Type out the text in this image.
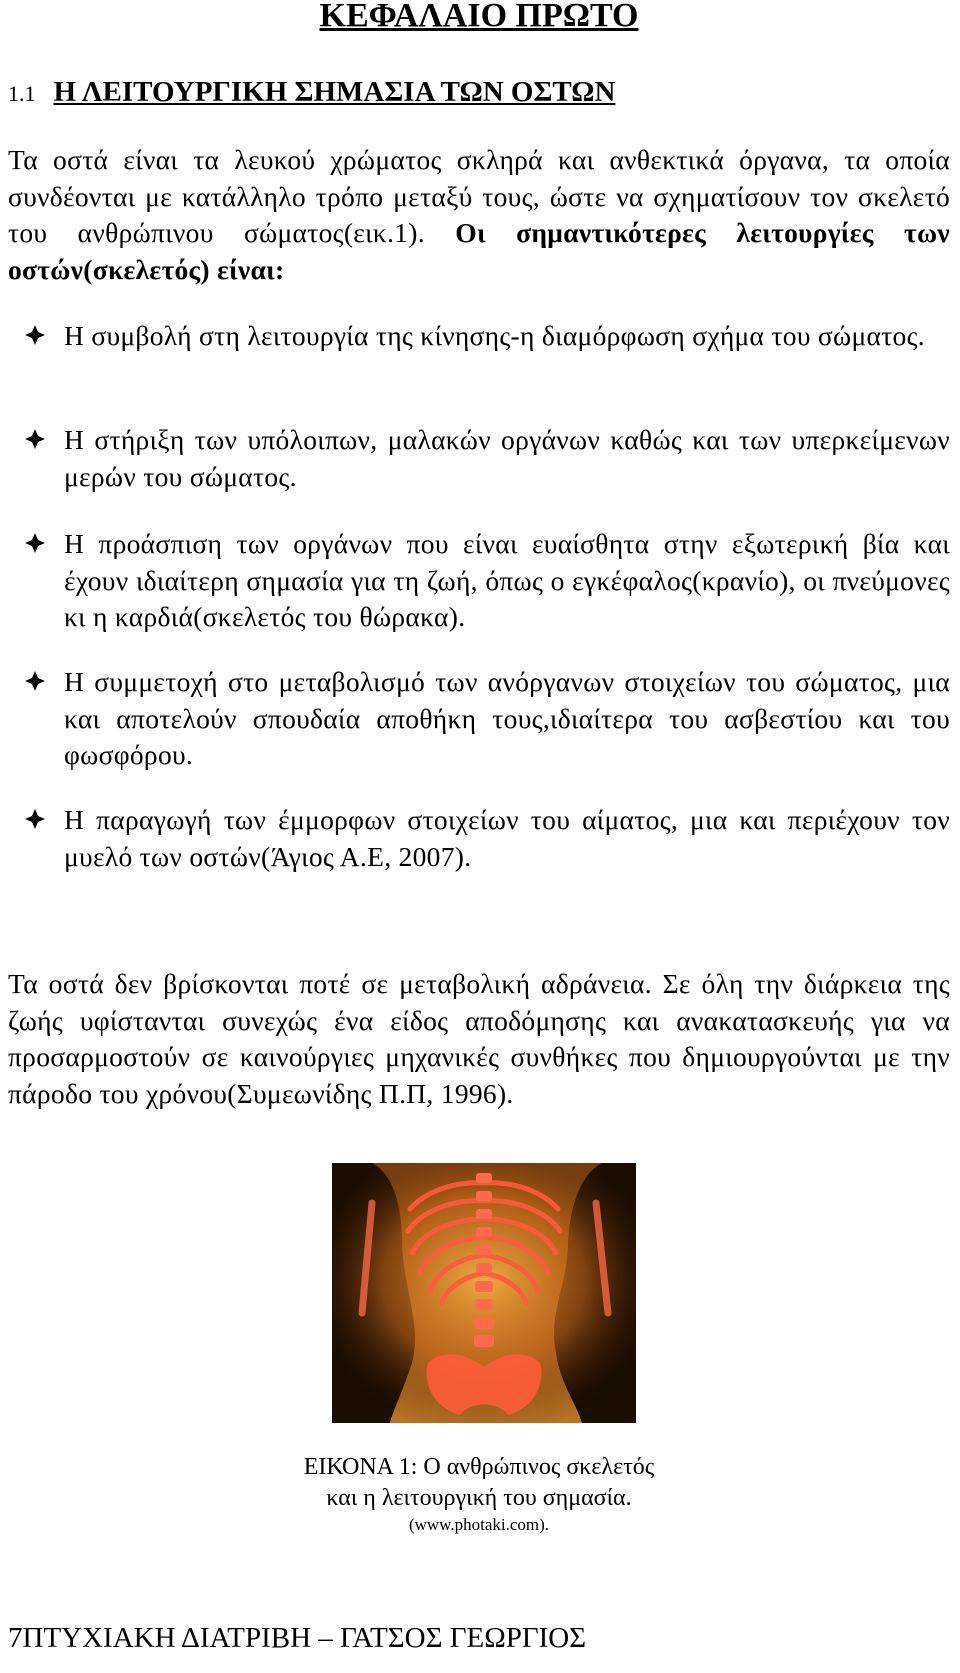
ΚΕΦΑΛΑΙΟ ΠΡΩΤΟ
1.1 Η ΛΕΙΤΟΥΡΓΙΚΗ ΣΗΜΑΣΙΑ ΤΩΝ ΟΣΤΩΝ

Τα οστά είναι τα λευκού χρώματος σκληρά και ανθεκτικά όργανα, τα οποία συνδέονται με κατάλληλο τρόπο μεταξύ τους, ώστε να σχηματίσουν τον σκελετό του ανθρώπινου σώματος(εικ.1). Οι σημαντικότερες λειτουργίες των οστών(σκελετός) είναι:

Η συμβολή στη λειτουργία της κίνησης-η διαμόρφωση σχήμα του σώματος.
Η στήριξη των υπόλοιπων, μαλακών οργάνων καθώς και των υπερκείμενων μερών του σώματος.
Η προάσπιση των οργάνων που είναι ευαίσθητα στην εξωτερική βία και έχουν ιδιαίτερη σημασία για τη ζωή, όπως ο εγκέφαλος(κρανίο), οι πνεύμονες κι η καρδιά(σκελετός του θώρακα).
Η συμμετοχή στο μεταβολισμό των ανόργανων στοιχείων του σώματος, μια και αποτελούν σπουδαία αποθήκη τους,ιδιαίτερα του ασβεστίου και του φωσφόρου.
Η παραγωγή των έμμορφων στοιχείων του αίματος, μια και περιέχουν τον μυελό των οστών(Άγιος Α.Ε, 2007).

Τα οστά δεν βρίσκονται ποτέ σε μεταβολική αδράνεια. Σε όλη την διάρκεια της ζωής υφίστανται συνεχώς ένα είδος αποδόμησης και ανακατασκευής για να προσαρμοστούν σε καινούργιες μηχανικές συνθήκες που δημιουργούνται με την πάροδο του χρόνου(Συμεωνίδης Π.Π, 1996).

ΕΙΚΟΝΑ 1: Ο ανθρώπινος σκελετός
και η λειτουργική του σημασία.
(www.photaki.com).
7ΠΤΥΧΙΑΚΗ ΔΙΑΤΡΙΒΗ – ΓΑΤΣΟΣ ΓΕΩΡΓΙΟΣ
